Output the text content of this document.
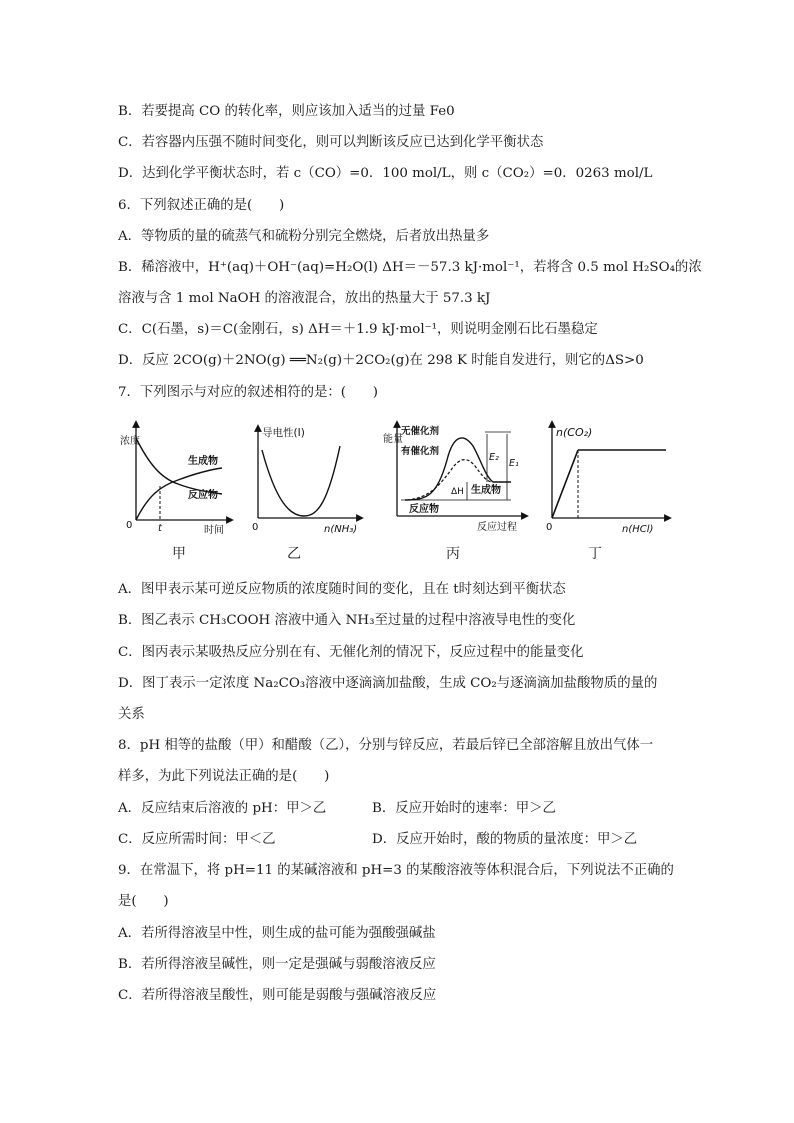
B．若要提高 CO 的转化率，则应该加入适当的过量 Fe0
C．若容器内压强不随时间变化，则可以判断该反应已达到化学平衡状态
D．达到化学平衡状态时，若 c（CO）=0．100 mol/L，则 c（CO₂）=0．0263 mol/L
6．下列叙述正确的是(　　)
A．等物质的量的硫蒸气和硫粉分别完全燃烧，后者放出热量多
B．稀溶液中，H⁺(aq)＋OH⁻(aq)=H₂O(l) ΔH＝－57.3 kJ·mol⁻¹，若将含 0.5 mol H₂SO₄的浓
溶液与含 1 mol NaOH 的溶液混合，放出的热量大于 57.3 kJ
C．C(石墨，s)＝C(金刚石，s) ΔH＝＋1.9 kJ·mol⁻¹，则说明金刚石比石墨稳定
D．反应 2CO(g)＋2NO(g) ══N₂(g)＋2CO₂(g)在 298 K 时能自发进行，则它的ΔS>0
7．下列图示与对应的叙述相符的是：(　　)
浓度
生成物
反应物
0	t	时间
甲
导电性(I)
0	n(NH₃)
乙
能量
无催化剂
有催化剂
E₂
E₁
ΔH 生成物
反应物
反应过程
丙
n(CO₂)
0	n(HCl)
丁
A．图甲表示某可逆反应物质的浓度随时间的变化，且在 t时刻达到平衡状态
B．图乙表示 CH₃COOH 溶液中通入 NH₃至过量的过程中溶液导电性的变化
C．图丙表示某吸热反应分别在有、无催化剂的情况下，反应过程中的能量变化
D．图丁表示一定浓度 Na₂CO₃溶液中逐滴滴加盐酸，生成 CO₂与逐滴滴加盐酸物质的量的
关系
8．pH 相等的盐酸（甲）和醋酸（乙），分别与锌反应，若最后锌已全部溶解且放出气体一
样多，为此下列说法正确的是(　　)
A．反应结束后溶液的 pH：甲＞乙	B．反应开始时的速率：甲＞乙
C．反应所需时间：甲＜乙	D．反应开始时，酸的物质的量浓度：甲＞乙
9．在常温下，将 pH=11 的某碱溶液和 pH=3 的某酸溶液等体积混合后，下列说法不正确的
是(　　)
A．若所得溶液呈中性，则生成的盐可能为强酸强碱盐
B．若所得溶液呈碱性，则一定是强碱与弱酸溶液反应
C．若所得溶液呈酸性，则可能是弱酸与强碱溶液反应
